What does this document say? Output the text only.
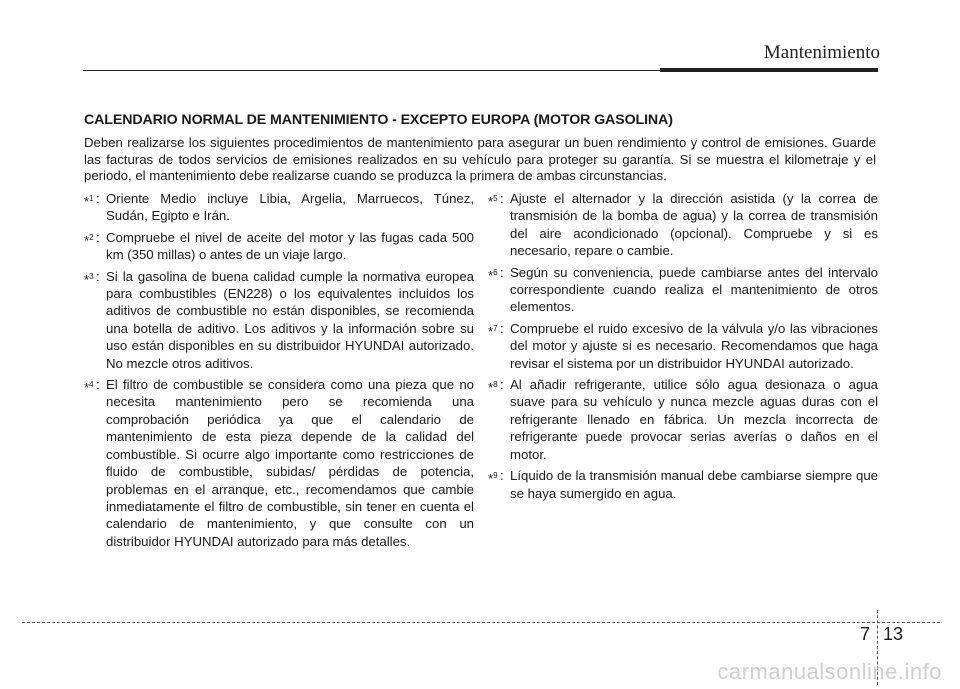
Mantenimiento
CALENDARIO NORMAL DE MANTENIMIENTO - EXCEPTO EUROPA (MOTOR GASOLINA)

Deben realizarse los siguientes procedimientos de mantenimiento para asegurar un buen rendimiento y control de emisiones. Guarde las facturas de todos servicios de emisiones realizados en su vehículo para proteger su garantía. Si se muestra el kilometraje y el periodo, el mantenimiento debe realizarse cuando se produzca la primera de ambas circunstancias.

*$^1$ : Oriente Medio incluye Libia, Argelia, Marruecos, Túnez, Sudán, Egipto e Irán.
*$^2$ : Compruebe el nivel de aceite del motor y las fugas cada 500 km (350 millas) o antes de un viaje largo.
*$^3$ : Si la gasolina de buena calidad cumple la normativa europea para combustibles (EN228) o los equivalentes incluidos los aditivos de combustible no están disponibles, se recomienda una botella de aditivo. Los aditivos y la información sobre su uso están disponibles en su distribuidor HYUNDAI autorizado. No mezcle otros aditivos.
*$^4$ : El filtro de combustible se considera como una pieza que no necesita mantenimiento pero se recomienda una comprobación periódica ya que el calendario de mantenimiento de esta pieza depende de la calidad del combustible. Si ocurre algo importante como restricciones de fluido de combustible, subidas/ pérdidas de potencia, problemas en el arranque, etc., recomendamos que cambie inmediatamente el filtro de combustible, sin tener en cuenta el calendario de mantenimiento, y que consulte con un distribuidor HYUNDAI autorizado para más detalles.
*$^5$ : Ajuste el alternador y la dirección asistida (y la correa de transmisión de la bomba de agua) y la correa de transmisión del aire acondicionado (opcional). Compruebe y si es necesario, repare o cambie.
*$^6$ : Según su conveniencia, puede cambiarse antes del intervalo correspondiente cuando realiza el mantenimiento de otros elementos.
*$^7$ : Compruebe el ruido excesivo de la válvula y/o las vibraciones del motor y ajuste si es necesario. Recomendamos que haga revisar el sistema por un distribuidor HYUNDAI autorizado.
*$^8$ : Al añadir refrigerante, utilice sólo agua desionaza o agua suave para su vehículo y nunca mezcle aguas duras con el refrigerante llenado en fábrica. Un mezcla incorrecta de refrigerante puede provocar serias averías o daños en el motor.
*$^9$ : Líquido de la transmisión manual debe cambiarse siempre que se haya sumergido en agua.
7 13
carmanualsonline.info
